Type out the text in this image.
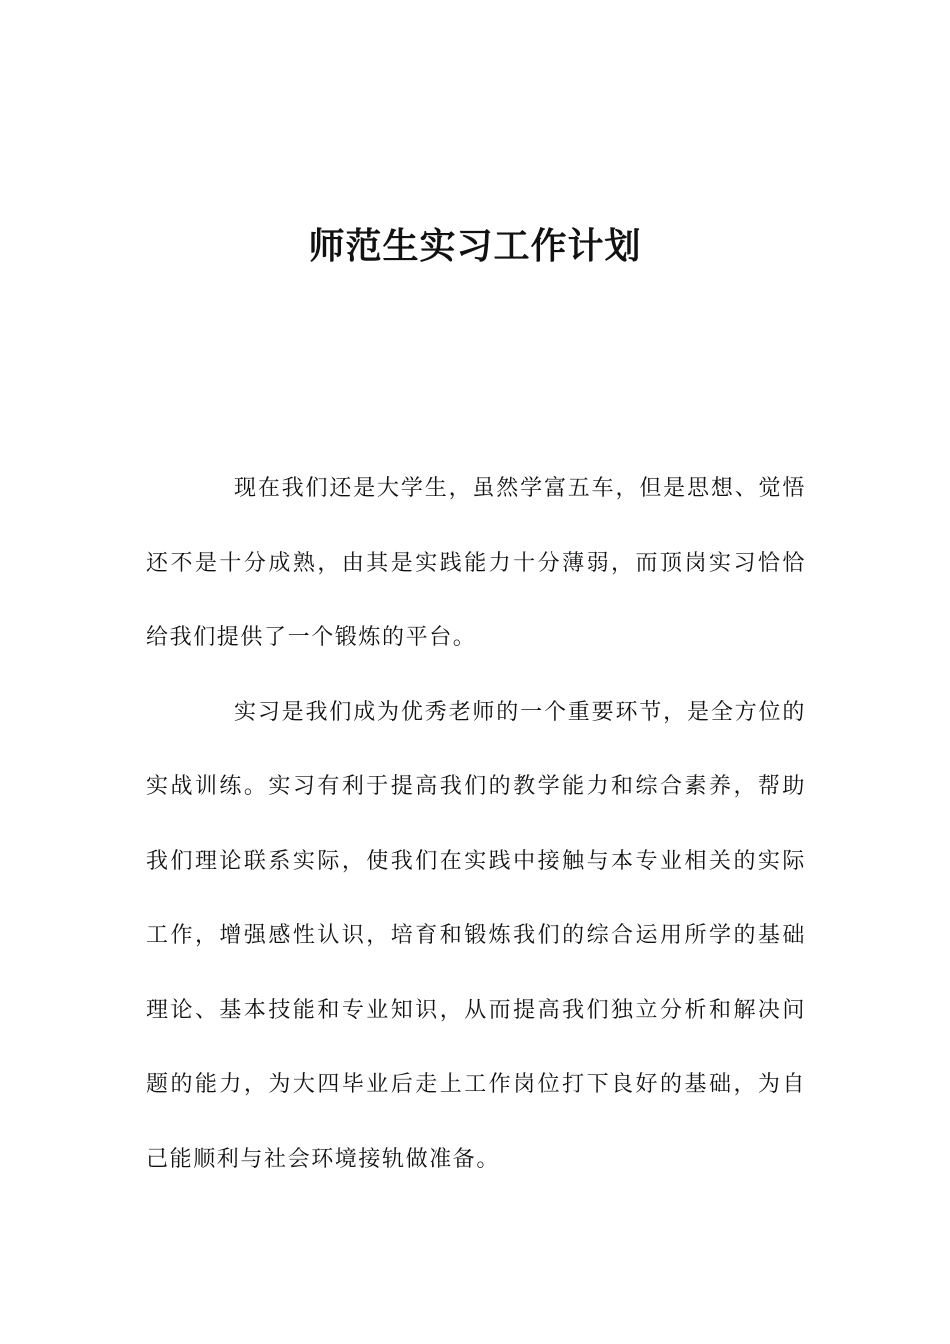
师范生实习工作计划

现在我们还是大学生，虽然学富五车，但是思想、觉悟还不是十分成熟，由其是实践能力十分薄弱，而顶岗实习恰恰给我们提供了一个锻炼的平台。

实习是我们成为优秀老师的一个重要环节，是全方位的实战训练。实习有利于提高我们的教学能力和综合素养，帮助我们理论联系实际，使我们在实践中接触与本专业相关的实际工作，增强感性认识，培育和锻炼我们的综合运用所学的基础理论、基本技能和专业知识，从而提高我们独立分析和解决问题的能力，为大四毕业后走上工作岗位打下良好的基础，为自己能顺利与社会环境接轨做准备。
